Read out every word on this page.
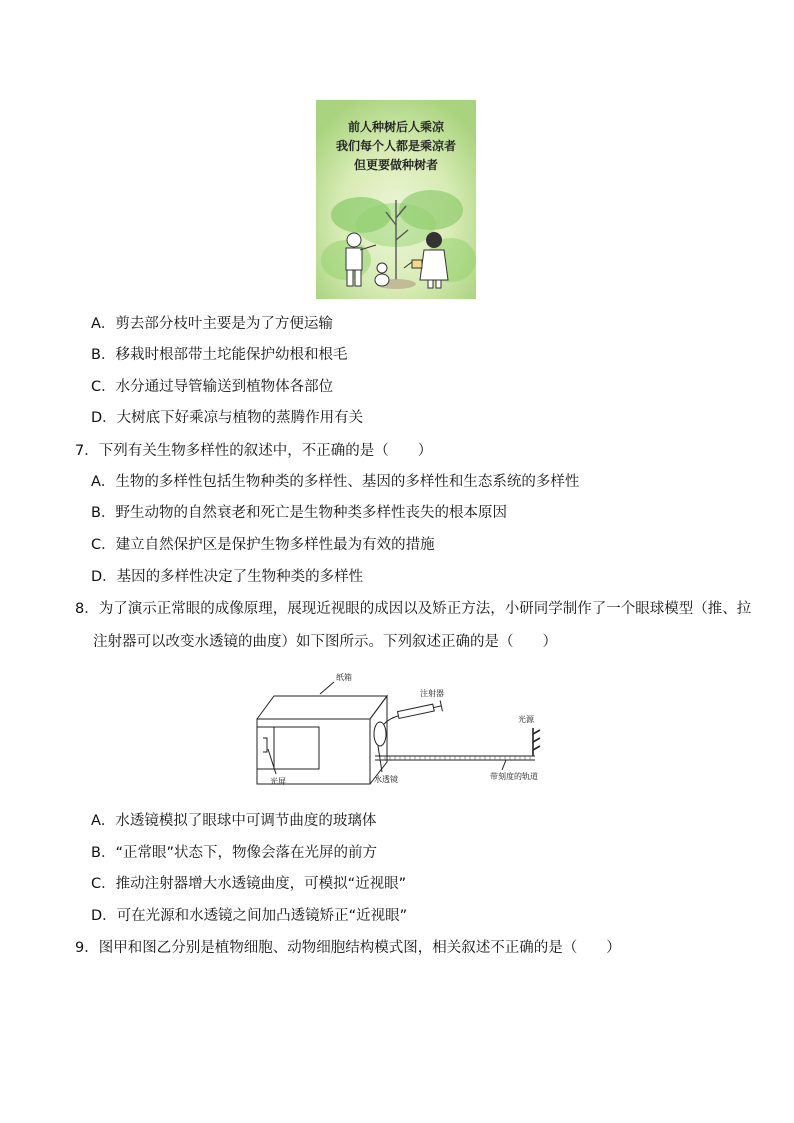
前人种树后人乘凉
我们每个人都是乘凉者
但更要做种树者
A．剪去部分枝叶主要是为了方便运输
B．移栽时根部带土坨能保护幼根和根毛
C．水分通过导管输送到植物体各部位
D．大树底下好乘凉与植物的蒸腾作用有关
7．下列有关生物多样性的叙述中，不正确的是（　　）
A．生物的多样性包括生物种类的多样性、基因的多样性和生态系统的多样性
B．野生动物的自然衰老和死亡是生物种类多样性丧失的根本原因
C．建立自然保护区是保护生物多样性最为有效的措施
D．基因的多样性决定了生物种类的多样性
8．为了演示正常眼的成像原理，展现近视眼的成因以及矫正方法，小研同学制作了一个眼球模型（推、拉
注射器可以改变水透镜的曲度）如下图所示。下列叙述正确的是（　　）
纸箱
注射器
光源
光屏	水透镜	带刻度的轨道
A．水透镜模拟了眼球中可调节曲度的玻璃体
B．“正常眼”状态下，物像会落在光屏的前方
C．推动注射器增大水透镜曲度，可模拟“近视眼”
D．可在光源和水透镜之间加凸透镜矫正“近视眼”
9．图甲和图乙分别是植物细胞、动物细胞结构模式图，相关叙述不正确的是（　　）
